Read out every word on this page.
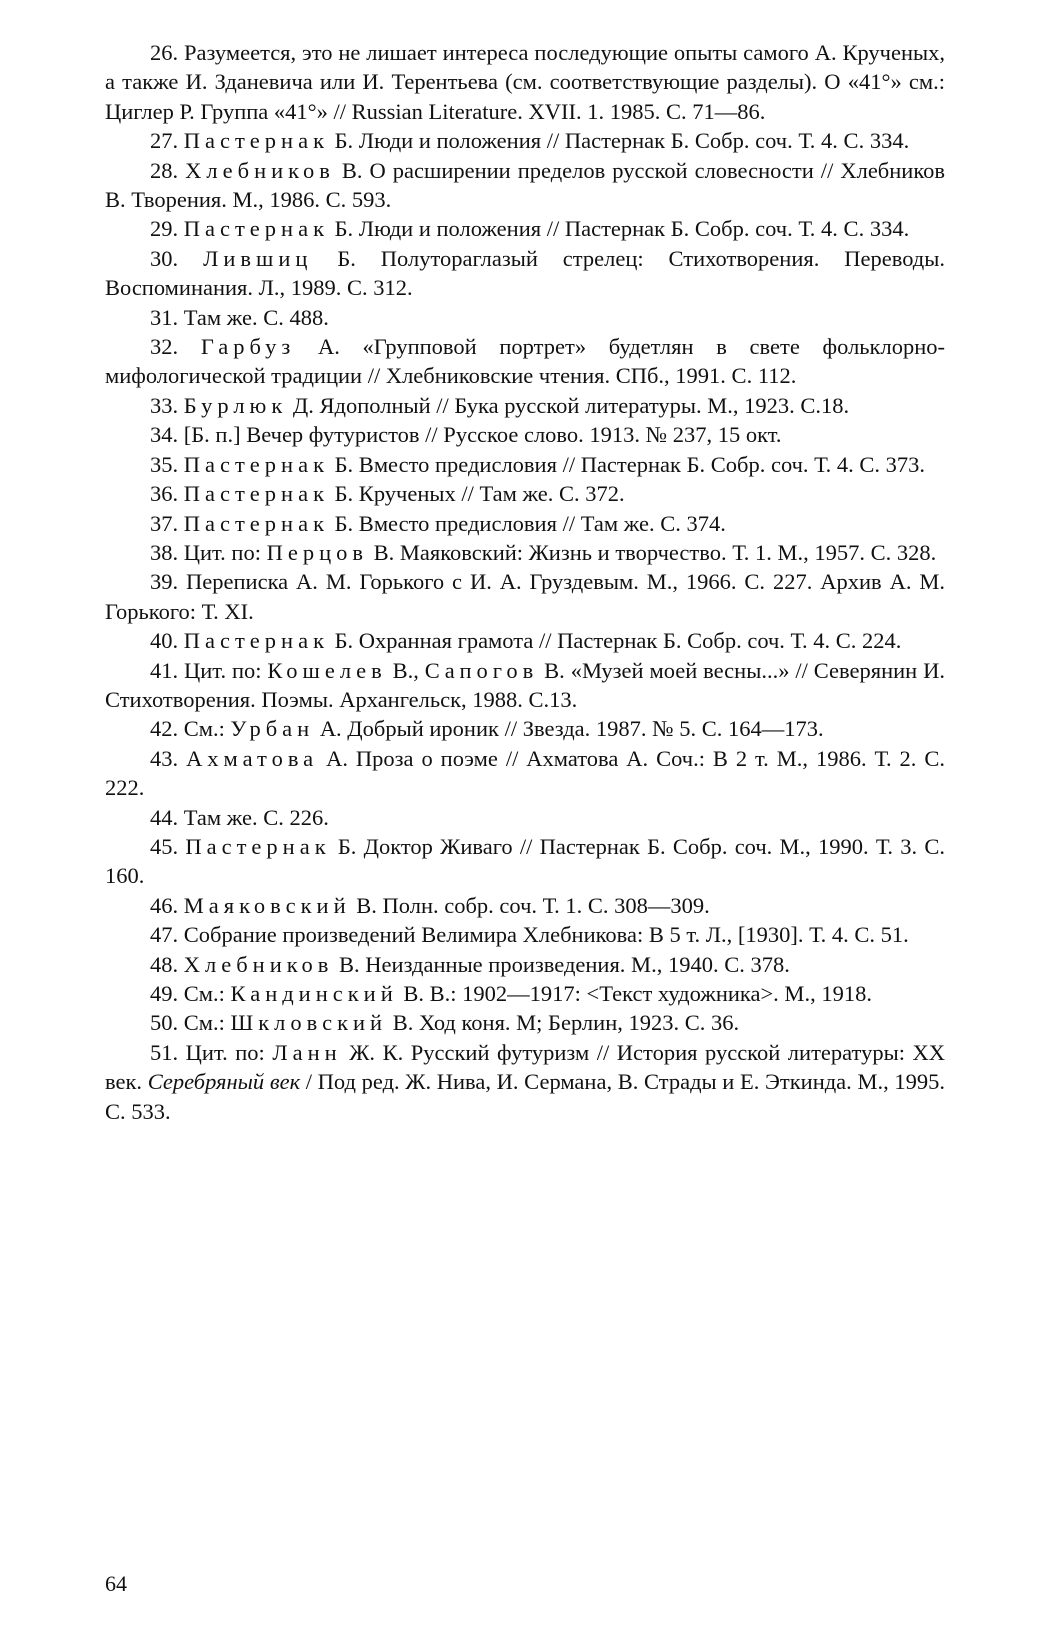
26. Разумеется, это не лишает интереса последующие опыты самого А. Крученых, а также И. Зданевича или И. Терентьева (см. соответствующие разделы). О «41°» см.: Циглер Р. Группа «41°» // Russian Literature. XVII. 1. 1985. С. 71—86.

27. Пастернак Б. Люди и положения // Пастернак Б. Собр. соч. Т. 4. С. 334.

28. Хлебников В. О расширении пределов русской словесности // Хлебников В. Творения. М., 1986. С. 593.

29. Пастернак Б. Люди и положения // Пастернак Б. Собр. соч. Т. 4. С. 334.

30. Лившиц Б. Полутораглазый стрелец: Стихотворения. Переводы. Воспоминания. Л., 1989. С. 312.

31. Там же. С. 488.

32. Гарбуз А. «Групповой портрет» будетлян в свете фольклорно-мифологической традиции // Хлебниковские чтения. СПб., 1991. С. 112.

33. Бурлюк Д. Ядополный // Бука русской литературы. М., 1923. С.18.

34. [Б. п.] Вечер футуристов // Русское слово. 1913. № 237, 15 окт.

35. Пастернак Б. Вместо предисловия // Пастернак Б. Собр. соч. Т. 4. С. 373.

36. Пастернак Б. Крученых // Там же. С. 372.

37. Пастернак Б. Вместо предисловия // Там же. С. 374.

38. Цит. по: Перцов В. Маяковский: Жизнь и творчество. Т. 1. М., 1957. С. 328.

39. Переписка А. М. Горького с И. А. Груздевым. М., 1966. С. 227. Архив А. М. Горького: Т. XI.

40. Пастернак Б. Охранная грамота // Пастернак Б. Собр. соч. Т. 4. С. 224.

41. Цит. по: Кошелев В., Сапогов В. «Музей моей весны...» // Северянин И. Стихотворения. Поэмы. Архангельск, 1988. С.13.

42. См.: Урбан А. Добрый ироник // Звезда. 1987. № 5. С. 164—173.

43. Ахматова А. Проза о поэме // Ахматова А. Соч.: В 2 т. М., 1986. Т. 2. С. 222.

44. Там же. С. 226.

45. Пастернак Б. Доктор Живаго // Пастернак Б. Собр. соч. М., 1990. Т. 3. С. 160.

46. Маяковский В. Полн. собр. соч. Т. 1. С. 308—309.

47. Собрание произведений Велимира Хлебникова: В 5 т. Л., [1930]. Т. 4. С. 51.

48. Хлебников В. Неизданные произведения. М., 1940. С. 378.

49. См.: Кандинский В. В.: 1902—1917: <Текст художника>. М., 1918.

50. См.: Шкловский В. Ход коня. М; Берлин, 1923. С. 36.

51. Цит. по: Ланн Ж. К. Русский футуризм // История русской литературы: XX век. Серебряный век / Под ред. Ж. Нива, И. Сермана, В. Страды и Е. Эткинда. М., 1995. С. 533.

64
